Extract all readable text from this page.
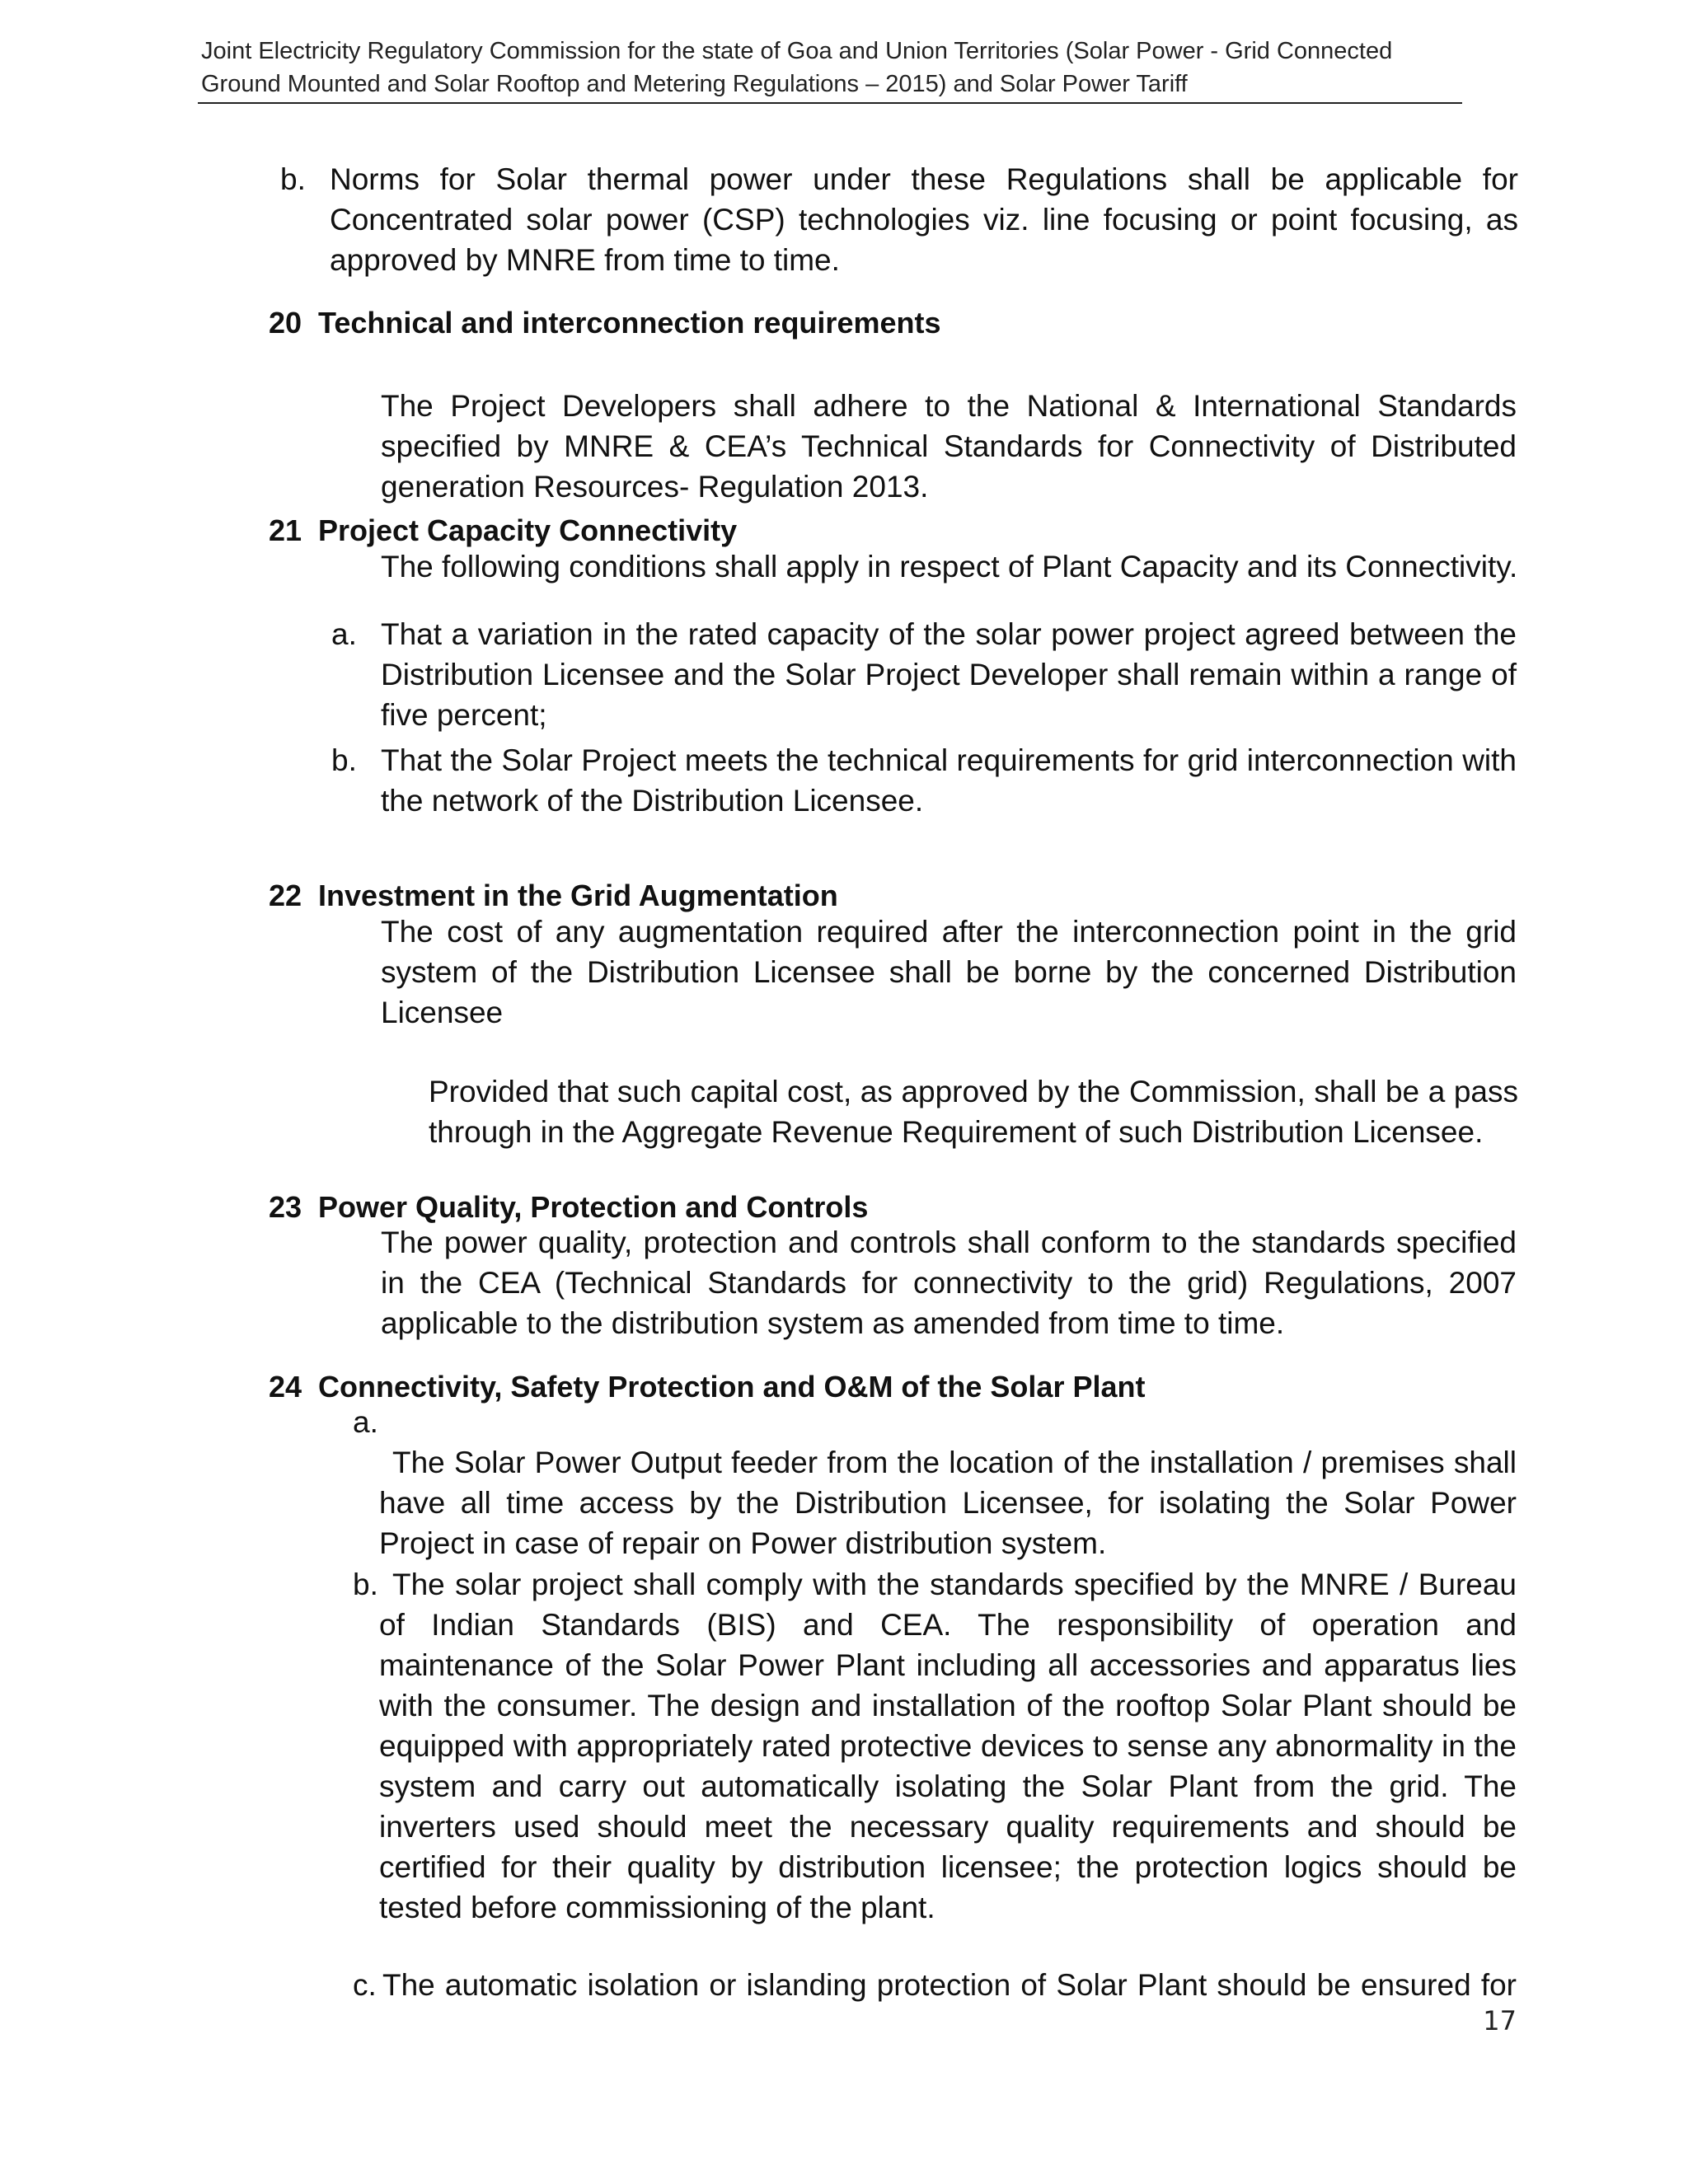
Joint Electricity Regulatory Commission for the state of Goa and Union Territories (Solar Power - Grid Connected
Ground Mounted and Solar Rooftop and Metering Regulations – 2015) and Solar Power Tariff
b. Norms for Solar thermal power under these Regulations shall be applicable for Concentrated solar power (CSP) technologies viz. line focusing or point focusing, as approved by MNRE from time to time.
20 Technical and interconnection requirements
The Project Developers shall adhere to the National & International Standards specified by MNRE & CEA’s Technical Standards for Connectivity of Distributed generation Resources- Regulation 2013.
21 Project Capacity Connectivity
The following conditions shall apply in respect of Plant Capacity and its Connectivity.
a. That a variation in the rated capacity of the solar power project agreed between the Distribution Licensee and the Solar Project Developer shall remain within a range of five percent;
b. That the Solar Project meets the technical requirements for grid interconnection with the network of the Distribution Licensee.
22 Investment in the Grid Augmentation
The cost of any augmentation required after the interconnection point in the grid system of the Distribution Licensee shall be borne by the concerned Distribution Licensee
Provided that such capital cost, as approved by the Commission, shall be a pass through in the Aggregate Revenue Requirement of such Distribution Licensee.
23 Power Quality, Protection and Controls
The power quality, protection and controls shall conform to the standards specified in the CEA (Technical Standards for connectivity to the grid) Regulations, 2007 applicable to the distribution system as amended from time to time.
24 Connectivity, Safety Protection and O&M of the Solar Plant
a.
The Solar Power Output feeder from the location of the installation / premises shall have all time access by the Distribution Licensee, for isolating the Solar Power Project in case of repair on Power distribution system.
b. The solar project shall comply with the standards specified by the MNRE / Bureau of Indian Standards (BIS) and CEA. The responsibility of operation and maintenance of the Solar Power Plant including all accessories and apparatus lies with the consumer. The design and installation of the rooftop Solar Plant should be equipped with appropriately rated protective devices to sense any abnormality in the system and carry out automatically isolating the Solar Plant from the grid. The inverters used should meet the necessary quality requirements and should be certified for their quality by distribution licensee; the protection logics should be tested before commissioning of the plant.
c. The automatic isolation or islanding protection of Solar Plant should be ensured for
17
